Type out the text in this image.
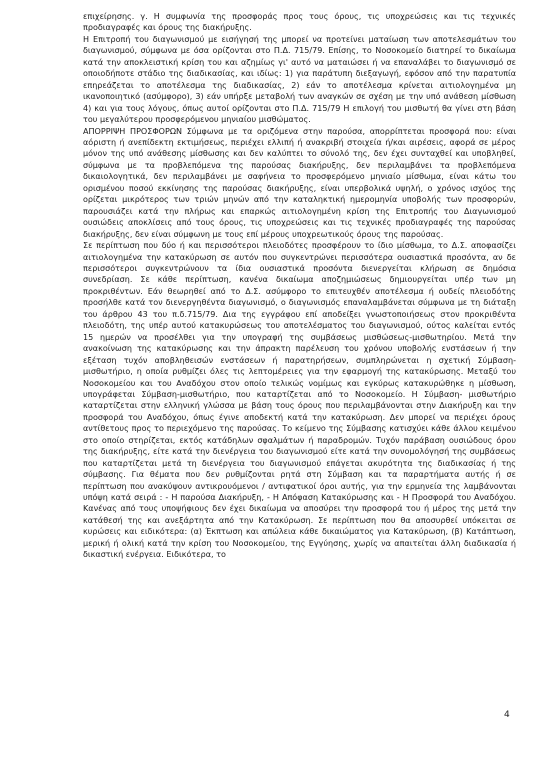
επιχείρησης. γ. Η συμφωνία της προσφοράς προς τους όρους, τις υποχρεώσεις και τις τεχνικές προδιαγραφές και όρους της διακήρυξης.

Η Επιτροπή του διαγωνισμού με εισήγησή της μπορεί να προτείνει ματαίωση των αποτελεσμάτων του διαγωνισμού, σύμφωνα με όσα ορίζονται στο Π.Δ. 715/79. Επίσης, το Νοσοκομείο διατηρεί το δικαίωμα κατά την απoκλειστική κρίση του και αζημίως γι' αυτό να ματαιώσει ή να επαναλάβει το διαγωνισμό σε οποιοδήποτε στάδιο της διαδικασίας, και ιδίως: 1) για παράτυπη διεξαγωγή, εφόσον από την παρατυπία επηρεάζεται το αποτέλεσμα της διαδικασίας, 2) εάν το αποτέλεσμα κρίνεται αιτιολογημένα μη ικανοποιητικό (ασύμφορο), 3) εάν υπήρξε μεταβολή των αναγκών σε σχέση με την υπό ανάθεση μίσθωση 4) και για τους λόγους, όπως αυτοί ορίζονται στο Π.Δ. 715/79 Η επιλογή του μισθωτή θα γίνει στη βάση του μεγαλύτερου προσφερόμενου μηνιαίου μισθώματος.

ΑΠΟΡΡΙΨΗ ΠΡΟΣΦΟΡΩΝ Σύμφωνα με τα οριζόμενα στην παρούσα, απορρίπτεται προσφορά που: είναι αόριστη ή ανεπίδεκτη εκτιμήσεως, περιέχει ελλιπή ή ανακριβή στοιχεία ή/και αιρέσεις, αφορά σε μέρος μόνον της υπό ανάθεσης μίσθωσης και δεν καλύπτει το σύνολό της, δεν έχει συνταχθεί και υποβληθεί, σύμφωνα με τα προβλεπόμενα της παρούσας διακήρυξης, δεν περιλαμβάνει τα προβλεπόμενα δικαιολογητικά, δεν περιλαμβάνει με σαφήνεια το προσφερόμενο μηνιαίο μίσθωμα, είναι κάτω του ορισμένου ποσού εκκίνησης της παρούσας διακήρυξης, είναι υπερβολικά υψηλή, ο χρόνος ισχύος της ορίζεται μικρότερος των τριών μηνών από την καταληκτική ημερομηνία υποβολής των προσφορών, παρουσιάζει κατά την πλήρως και επαρκώς αιτιολογημένη κρίση της Επιτροπής του Διαγωνισμού ουσιώδεις αποκλίσεις από τους όρους, τις υποχρεώσεις και τις τεχνικές προδιαγραφές της παρούσας διακήρυξης, δεν είναι σύμφωνη με τους επί μέρους υποχρεωτικούς όρους της παρούσας.

Σε περίπτωση που δύο ή και περισσότεροι πλειοδότες προσφέρουν το ίδιο μίσθωμα, το Δ.Σ. αποφασίζει αιτιολογημένα την κατακύρωση σε αυτόν που συγκεντρώνει περισσότερα ουσιαστικά προσόντα, αν δε περισσότεροι συγκεντρώνουν τα ίδια ουσιαστικά προσόντα διενεργείται κλήρωση σε δημόσια συνεδρίαση. Σε κάθε περίπτωση, κανένα δικαίωμα αποζημιώσεως δημιουργείται υπέρ των μη προκριθέντων. Εάν θεωρηθεί από το Δ.Σ. ασύμφορο το επιτευχθέν αποτέλεσμα ή ουδείς πλειοδότης προσήλθε κατά τον διενεργηθέντα διαγωνισμό, ο διαγωνισμός επαναλαμβάνεται σύμφωνα με τη διάταξη του άρθρου 43 του π.δ.715/79. Δια της εγγράφου επί αποδείξει γνωστοποιήσεως στον προκριθέντα πλειοδότη, της υπέρ αυτού κατακυρώσεως του αποτελέσματος του διαγωνισμού, ούτος καλείται εντός 15 ημερών να προσέλθει για την υπογραφή της συμβάσεως μισθώσεως-μισθωτηρίου. Μετά την ανακοίνωση της κατακύρωσης και την άπρακτη παρέλευση του χρόνου υποβολής ενστάσεων ή την εξέταση τυχόν αποβληθεισών ενστάσεων ή παρατηρήσεων, συμπληρώνεται η σχετική Σύμβαση- μισθωτήριο, η οποία ρυθμίζει όλες τις λεπτομέρειες για την εφαρμογή της κατακύρωσης. Μεταξύ του Νοσοκομείου και του Αναδόχου στον οποίο τελικώς νομίμως και εγκύρως κατακυρώθηκε η μίσθωση, υπογράφεται Σύμβαση-μισθωτήριο, που καταρτίζεται από το Νοσοκομείο. Η Σύμβαση- μισθωτήριο καταρτίζεται στην ελληνική γλώσσα με βάση τους όρους που περιλαμβάνονται στην Διακήρυξη και την προσφορά του Αναδόχου, όπως έγινε αποδεκτή κατά την κατακύρωση. Δεν μπορεί να περιέχει όρους αντίθετους προς το περιεχόμενο της παρούσας. Το κείμενο της Σύμβασης κατισχύει κάθε άλλου κειμένου στο οποίο στηρίζεται, εκτός κατάδηλων σφαλμάτων ή παραδρομών. Τυχόν παράβαση ουσιώδους όρου της διακήρυξης, είτε κατά την διενέργεια του διαγωνισμού είτε κατά την συνομολόγησή της συμβάσεως που καταρτίζεται μετά τη διενέργεια του διαγωνισμού επάγεται ακυρότητα της διαδικασίας ή της σύμβασης. Για θέματα που δεν ρυθμίζονται ρητά στη Σύμβαση και τα παραρτήματα αυτής ή σε περίπτωση που ανακύψουν αντικρουόμενοι / αντιφατικοί όροι αυτής, για την ερμηνεία της λαμβάνονται υπόψη κατά σειρά : - Η παρούσα Διακήρυξη, - Η Απόφαση Κατακύρωσης και - Η Προσφορά του Αναδόχου. Κανένας από τους υποψήφιους δεν έχει δικαίωμα να αποσύρει την προσφορά του ή μέρος της μετά την κατάθεσή της και ανεξάρτητα από την Κατακύρωση. Σε περίπτωση που θα αποσυρθεί υπόκειται σε κυρώσεις και ειδικότερα: (α) Έκπτωση και απώλεια κάθε δικαιώματος για Κατακύρωση, (β) Κατάπτωση, μερική ή ολική κατά την κρίση του Νοσοκομείου, της Εγγύησης, χωρίς να απαιτείται άλλη διαδικασία ή δικαστική ενέργεια. Ειδικότερα, το

4
